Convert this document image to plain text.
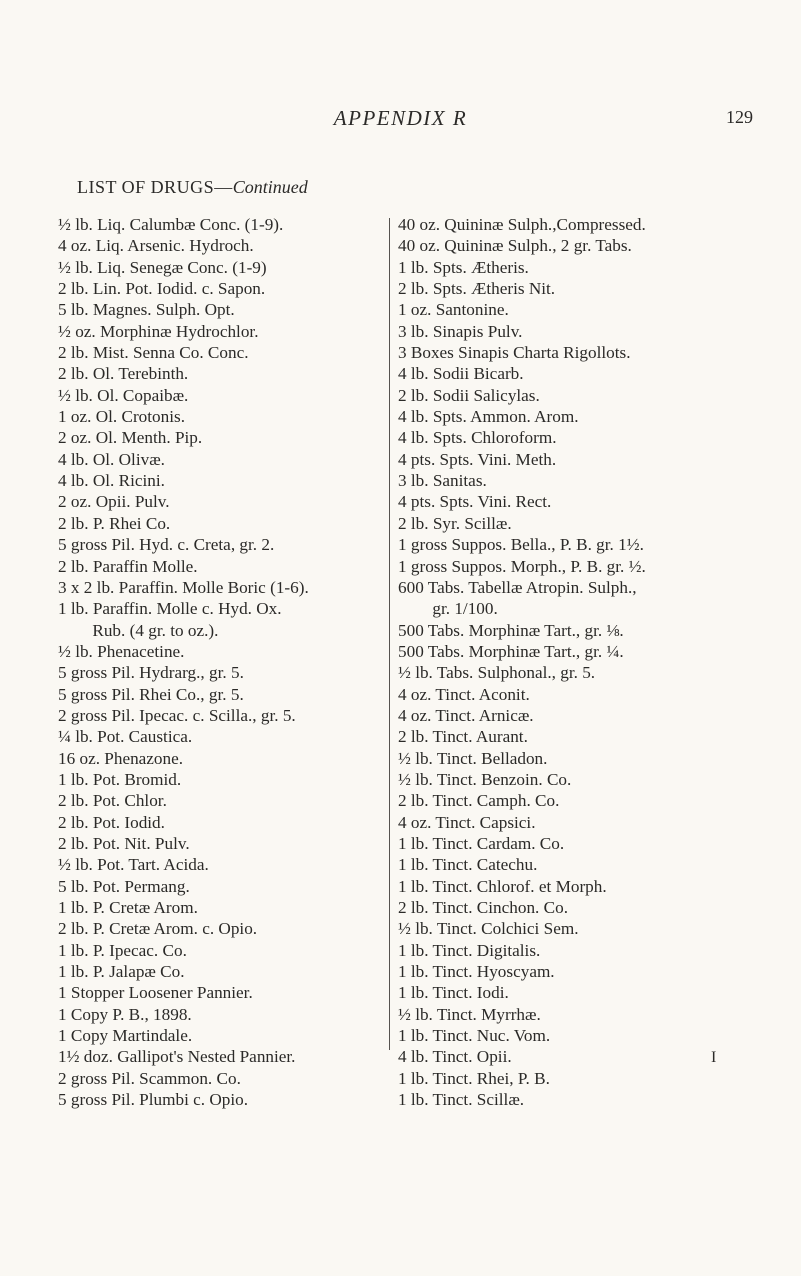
APPENDIX R	129
LIST OF DRUGS—Continued
½ lb. Liq. Calumbæ Conc. (1-9).
4 oz. Liq. Arsenic. Hydroch.
½ lb. Liq. Senegæ Conc. (1-9)
2 lb. Lin. Pot. Iodid. c. Sapon.
5 lb. Magnes. Sulph. Opt.
½ oz. Morphinæ Hydrochlor.
2 lb. Mist. Senna Co. Conc.
2 lb. Ol. Terebinth.
½ lb. Ol. Copaibæ.
1 oz. Ol. Crotonis.
2 oz. Ol. Menth. Pip.
4 lb. Ol. Olivæ.
4 lb. Ol. Ricini.
2 oz. Opii. Pulv.
2 lb. P. Rhei Co.
5 gross Pil. Hyd. c. Creta, gr. 2.
2 lb. Paraffin Molle.
3 x 2 lb. Paraffin. Molle Boric (1-6).
1 lb. Paraffin. Molle c. Hyd. Ox.
Rub. (4 gr. to oz.).
½ lb. Phenacetine.
5 gross Pil. Hydrarg., gr. 5.
5 gross Pil. Rhei Co., gr. 5.
2 gross Pil. Ipecac. c. Scilla., gr. 5.
¼ lb. Pot. Caustica.
16 oz. Phenazone.
1 lb. Pot. Bromid.
2 lb. Pot. Chlor.
2 lb. Pot. Iodid.
2 lb. Pot. Nit. Pulv.
½ lb. Pot. Tart. Acida.
5 lb. Pot. Permang.
1 lb. P. Cretæ Arom.
2 lb. P. Cretæ Arom. c. Opio.
1 lb. P. Ipecac. Co.
1 lb. P. Jalapæ Co.
1 Stopper Loosener Pannier.
1 Copy P. B., 1898.
1 Copy Martindale.
1½ doz. Gallipot's Nested Pannier.
2 gross Pil. Scammon. Co.
5 gross Pil. Plumbi c. Opio.
40 oz. Quininæ Sulph.,Compressed.
40 oz. Quininæ Sulph., 2 gr. Tabs.
1 lb. Spts. Ætheris.
2 lb. Spts. Ætheris Nit.
1 oz. Santonine.
3 lb. Sinapis Pulv.
3 Boxes Sinapis Charta Rigollots.
4 lb. Sodii Bicarb.
2 lb. Sodii Salicylas.
4 lb. Spts. Ammon. Arom.
4 lb. Spts. Chloroform.
4 pts. Spts. Vini. Meth.
3 lb. Sanitas.
4 pts. Spts. Vini. Rect.
2 lb. Syr. Scillæ.
1 gross Suppos. Bella., P. B. gr. 1½.
1 gross Suppos. Morph., P. B. gr. ½.
600 Tabs. Tabellæ Atropin. Sulph.,
gr. 1/100.
500 Tabs. Morphinæ Tart., gr. ⅛.
500 Tabs. Morphinæ Tart., gr. ¼.
½ lb. Tabs. Sulphonal., gr. 5.
4 oz. Tinct. Aconit.
4 oz. Tinct. Arnicæ.
2 lb. Tinct. Aurant.
½ lb. Tinct. Belladon.
½ lb. Tinct. Benzoin. Co.
2 lb. Tinct. Camph. Co.
4 oz. Tinct. Capsici.
1 lb. Tinct. Cardam. Co.
1 lb. Tinct. Catechu.
1 lb. Tinct. Chlorof. et Morph.
2 lb. Tinct. Cinchon. Co.
½ lb. Tinct. Colchici Sem.
1 lb. Tinct. Digitalis.
1 lb. Tinct. Hyoscyam.
1 lb. Tinct. Iodi.
½ lb. Tinct. Myrrhæ.
1 lb. Tinct. Nuc. Vom.
4 lb. Tinct. Opii.
1 lb. Tinct. Rhei, P. B.
1 lb. Tinct. Scillæ.
I
